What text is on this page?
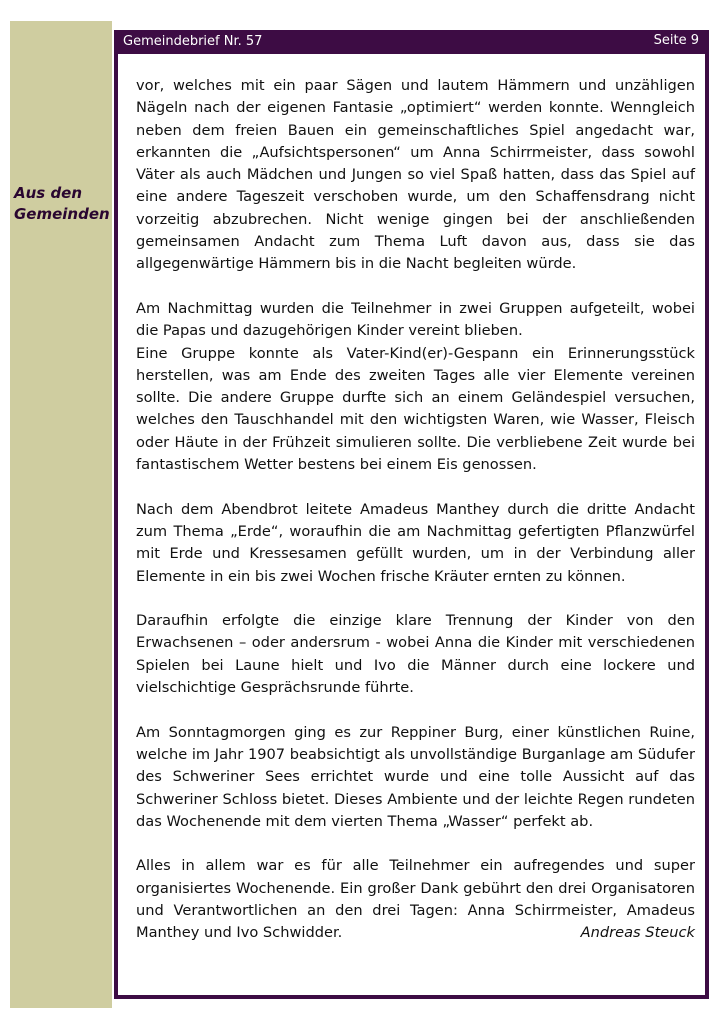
Aus den
Gemeinden
Gemeindebrief Nr. 57	Seite 9

vor, welches mit ein paar Sägen und lautem Hämmern und unzähligen Nägeln nach der eigenen Fantasie „optimiert“ werden konnte. Wenngleich neben dem freien Bauen ein gemeinschaftliches Spiel angedacht war, erkannten die „Aufsichtspersonen“ um Anna Schirrmeister, dass sowohl Väter als auch Mädchen und Jungen so viel Spaß hatten, dass das Spiel auf eine andere Tageszeit verschoben wurde, um den Schaffensdrang nicht vorzeitig abzubrechen. Nicht wenige gingen bei der anschließenden gemeinsamen Andacht zum Thema Luft davon aus, dass sie das allgegenwärtige Hämmern bis in die Nacht begleiten würde.

Am Nachmittag wurden die Teilnehmer in zwei Gruppen aufgeteilt, wobei die Papas und dazugehörigen Kinder vereint blieben.

Eine Gruppe konnte als Vater-Kind(er)-Gespann ein Erinnerungsstück herstellen, was am Ende des zweiten Tages alle vier Elemente vereinen sollte. Die andere Gruppe durfte sich an einem Geländespiel versuchen, welches den Tauschhandel mit den wichtigsten Waren, wie Wasser, Fleisch oder Häute in der Frühzeit simulieren sollte. Die verbliebene Zeit wurde bei fantastischem Wetter bestens bei einem Eis genossen.

Nach dem Abendbrot leitete Amadeus Manthey durch die dritte Andacht zum Thema „Erde“, woraufhin die am Nachmittag gefertigten Pflanzwürfel mit Erde und Kressesamen gefüllt wurden, um in der Verbindung aller Elemente in ein bis zwei Wochen frische Kräuter ernten zu können.

Daraufhin erfolgte die einzige klare Trennung der Kinder von den Erwachsenen – oder andersrum - wobei Anna die Kinder mit verschiedenen Spielen bei Laune hielt und Ivo die Männer durch eine lockere und vielschichtige Gesprächsrunde führte.

Am Sonntagmorgen ging es zur Reppiner Burg, einer künstlichen Ruine, welche im Jahr 1907 beabsichtigt als unvollständige Burganlage am Südufer des Schweriner Sees errichtet wurde und eine tolle Aussicht auf das Schweriner Schloss bietet. Dieses Ambiente und der leichte Regen rundeten das Wochenende mit dem vierten Thema „Wasser“ perfekt ab.

Alles in allem war es für alle Teilnehmer ein aufregendes und super organisiertes Wochenende. Ein großer Dank gebührt den drei Organisatoren und Verantwortlichen an den drei Tagen: Anna Schirrmeister, Amadeus Manthey und Ivo Schwidder.	Andreas Steuck
